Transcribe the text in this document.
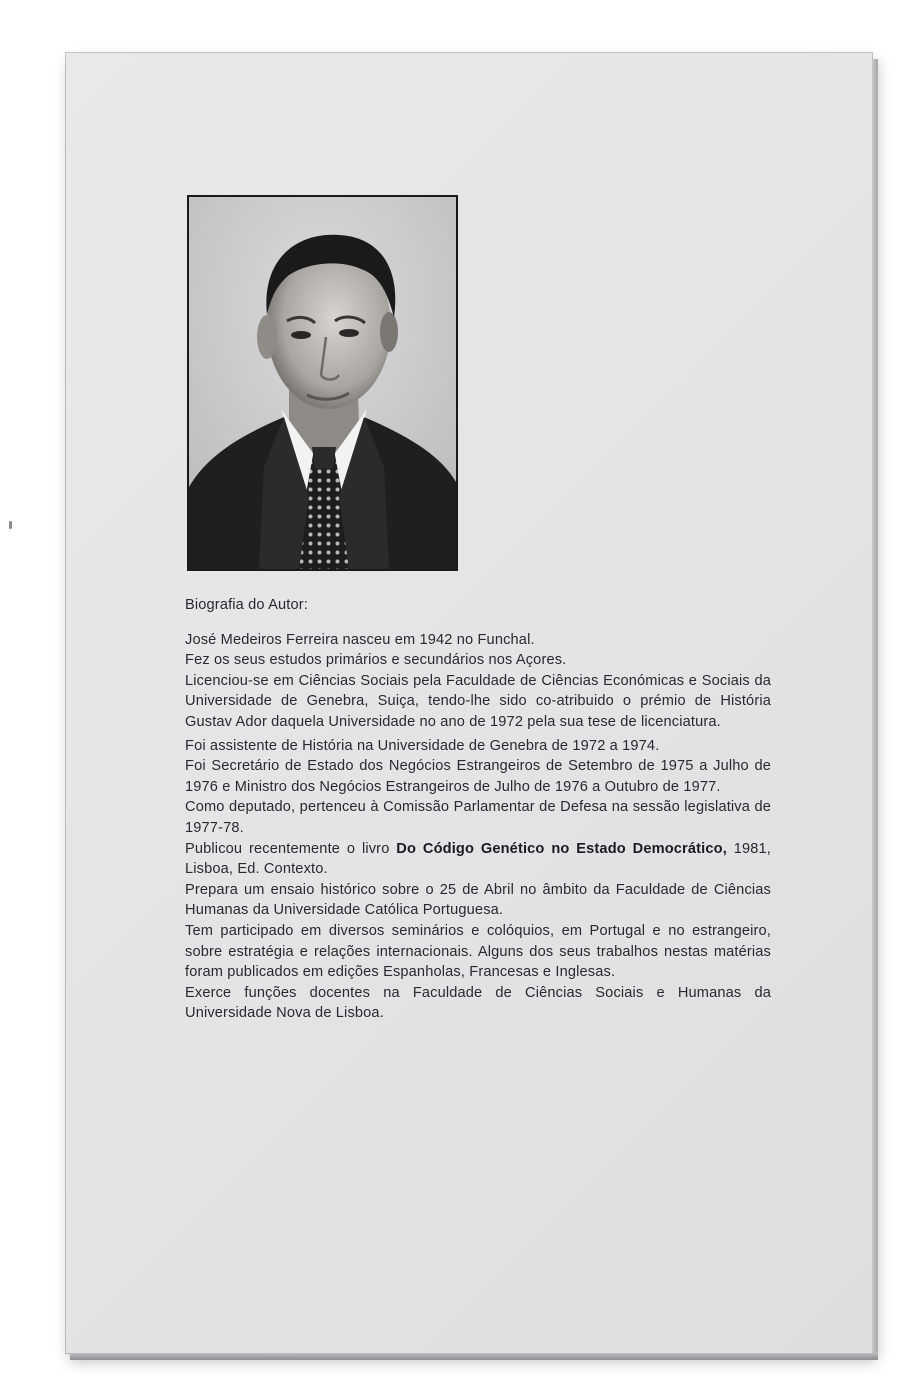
Biografia do Autor:

José Medeiros Ferreira nasceu em 1942 no Funchal.

Fez os seus estudos primários e secundários nos Açores.

Licenciou-se em Ciências Sociais pela Faculdade de Ciências Económicas e Sociais da Universidade de Genebra, Suiça, tendo-lhe sido co-atribuido o prémio de História Gustav Ador daquela Universidade no ano de 1972 pela sua tese de licenciatura.

Foi assistente de História na Universidade de Genebra de 1972 a 1974.

Foi Secretário de Estado dos Negócios Estrangeiros de Setembro de 1975 a Julho de 1976 e Ministro dos Negócios Estrangeiros de Julho de 1976 a Outubro de 1977.

Como deputado, pertenceu à Comissão Parlamentar de Defesa na sessão legislativa de 1977-78.

Publicou recentemente o livro Do Código Genético no Estado Democrático, 1981, Lisboa, Ed. Contexto.

Prepara um ensaio histórico sobre o 25 de Abril no âmbito da Faculdade de Ciências Humanas da Universidade Católica Portuguesa.

Tem participado em diversos seminários e colóquios, em Portugal e no estrangeiro, sobre estratégia e relações internacionais. Alguns dos seus trabalhos nestas matérias foram publicados em edições Espanholas, Francesas e Inglesas.

Exerce funções docentes na Faculdade de Ciências Sociais e Humanas da Universidade Nova de Lisboa.
